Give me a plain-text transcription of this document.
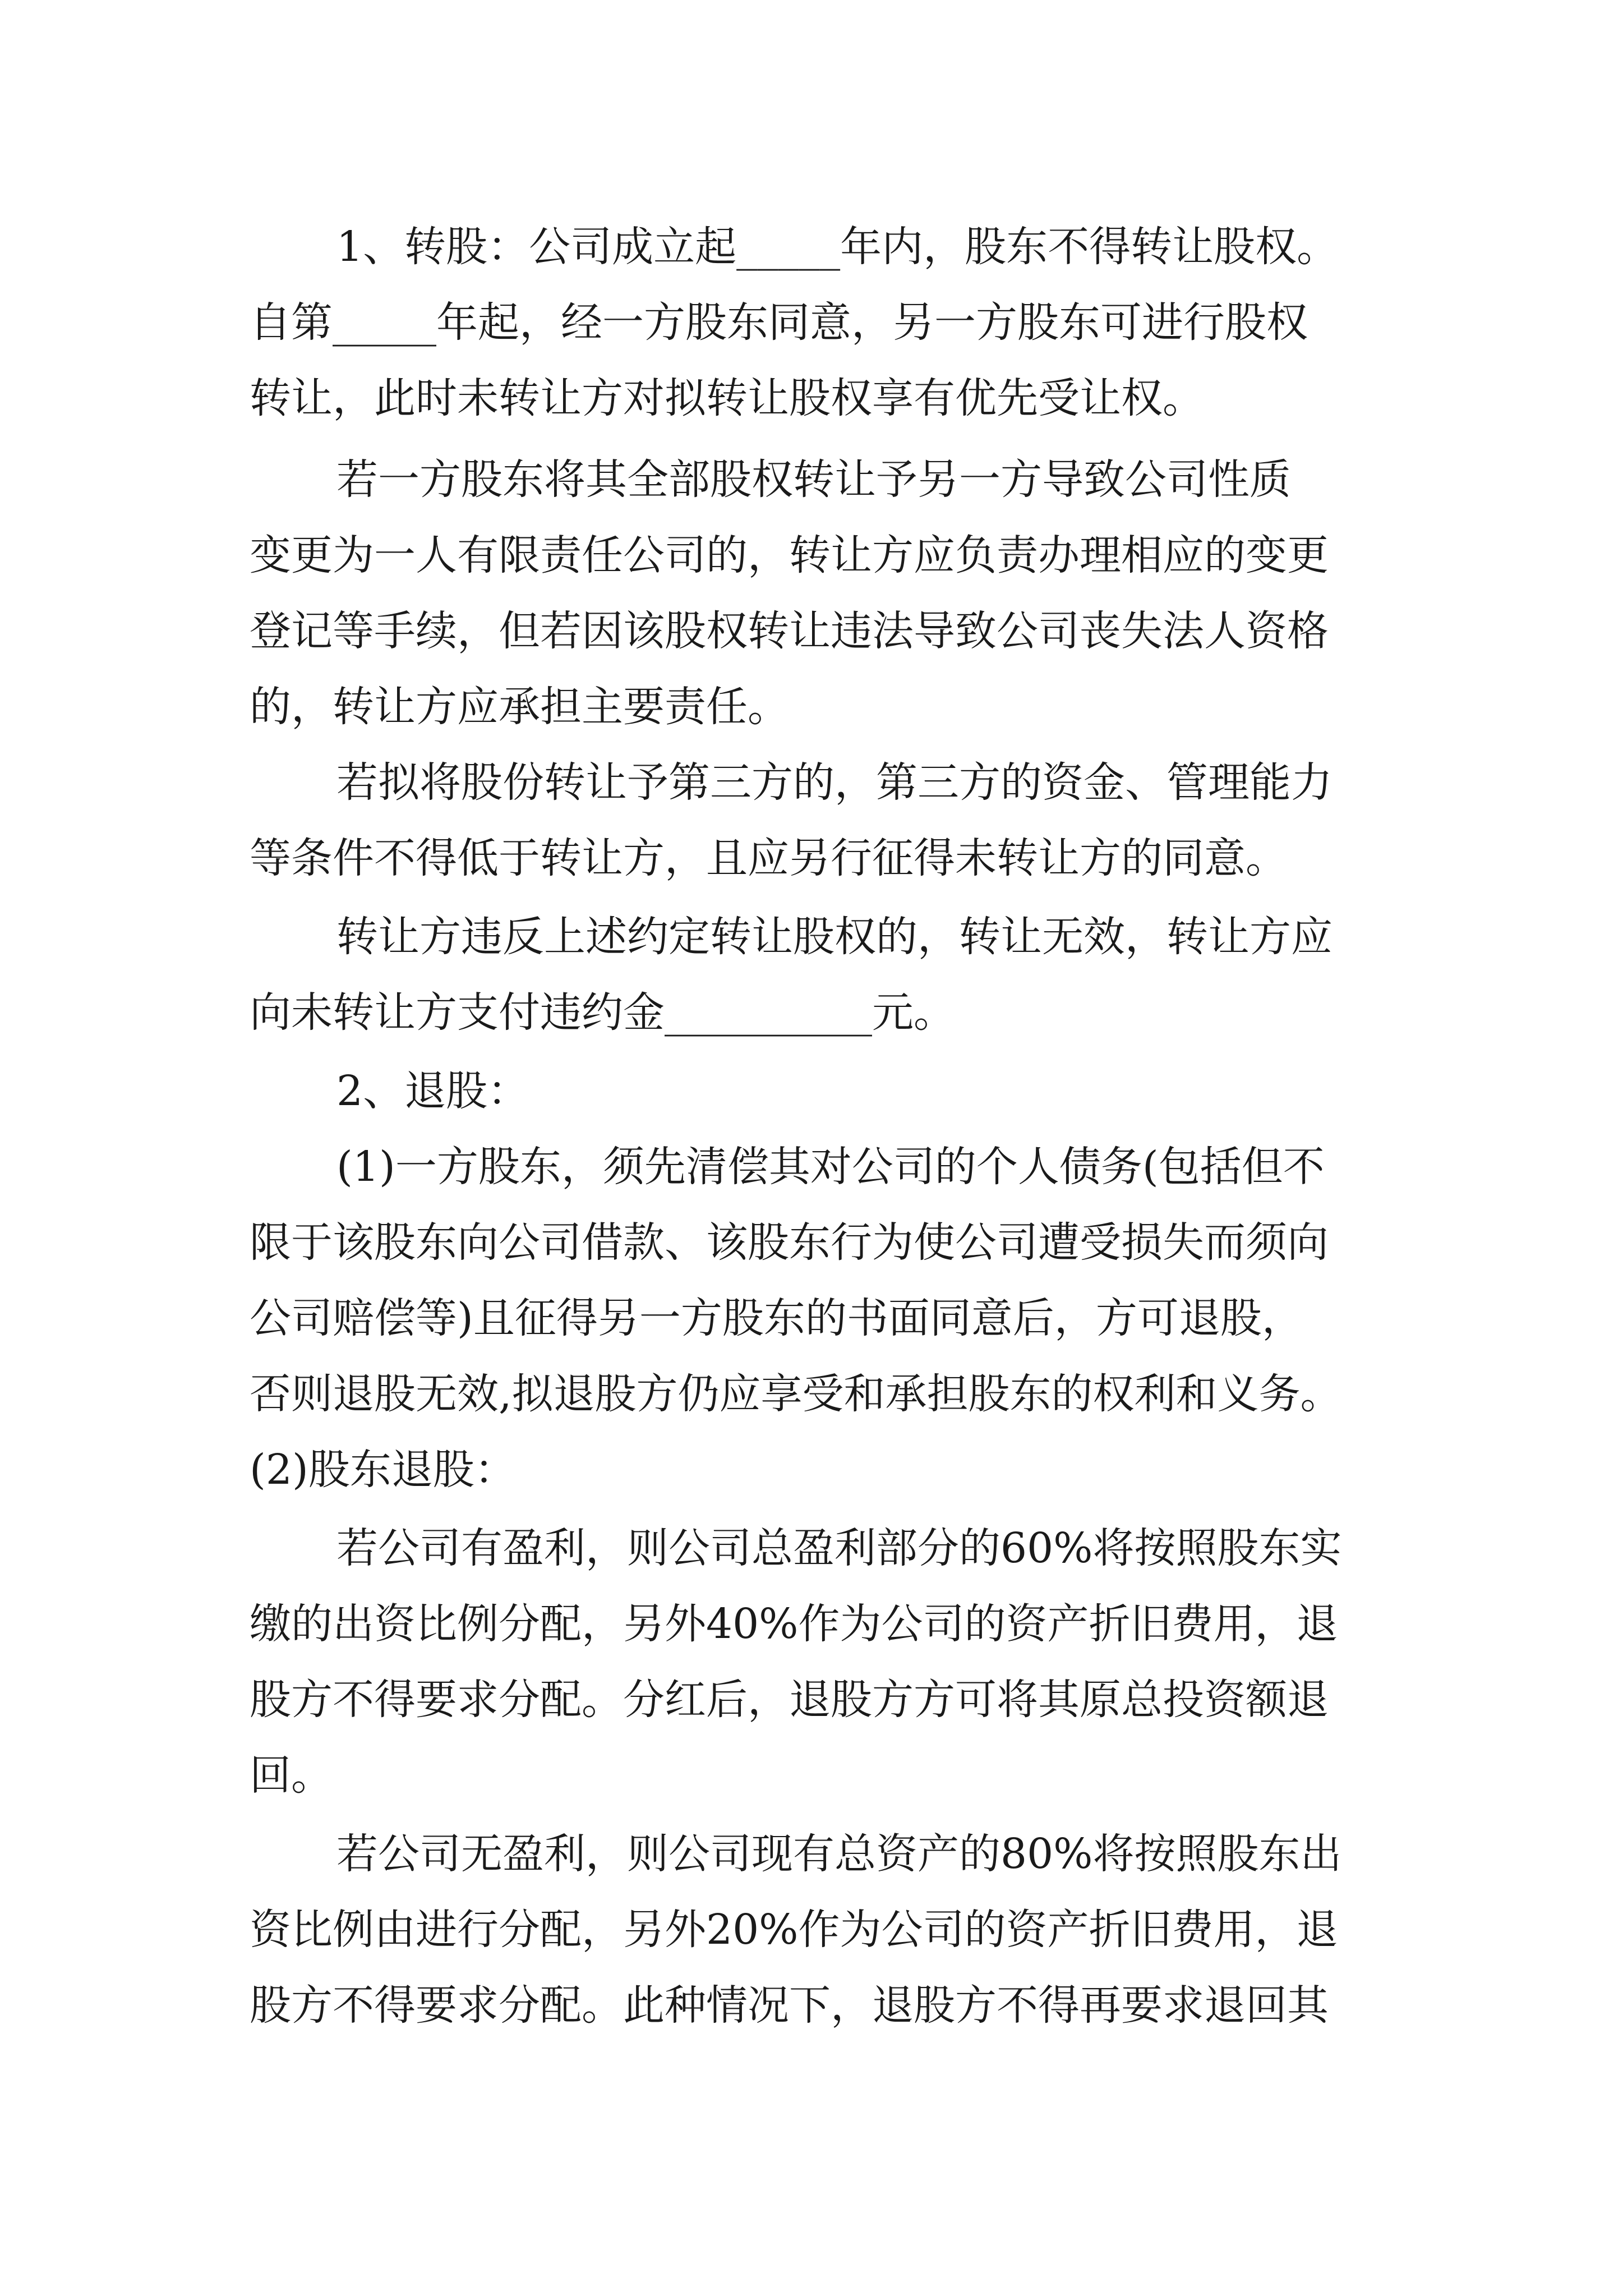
1、转股：公司成立起_____年内，股东不得转让股权。

自第_____年起，经一方股东同意，另一方股东可进行股权

转让，此时未转让方对拟转让股权享有优先受让权。

若一方股东将其全部股权转让予另一方导致公司性质

变更为一人有限责任公司的，转让方应负责办理相应的变更

登记等手续，但若因该股权转让违法导致公司丧失法人资格

的，转让方应承担主要责任。

若拟将股份转让予第三方的，第三方的资金、管理能力

等条件不得低于转让方，且应另行征得未转让方的同意。

转让方违反上述约定转让股权的，转让无效，转让方应

向未转让方支付违约金__________元。

2、退股：

(1)一方股东，须先清偿其对公司的个人债务(包括但不

限于该股东向公司借款、该股东行为使公司遭受损失而须向

公司赔偿等)且征得另一方股东的书面同意后，方可退股，

否则退股无效,拟退股方仍应享受和承担股东的权利和义务。

(2)股东退股：

若公司有盈利，则公司总盈利部分的60%将按照股东实

缴的出资比例分配，另外40%作为公司的资产折旧费用，退

股方不得要求分配。分红后，退股方方可将其原总投资额退

回。

若公司无盈利，则公司现有总资产的80%将按照股东出

资比例由进行分配，另外20%作为公司的资产折旧费用，退

股方不得要求分配。此种情况下，退股方不得再要求退回其
